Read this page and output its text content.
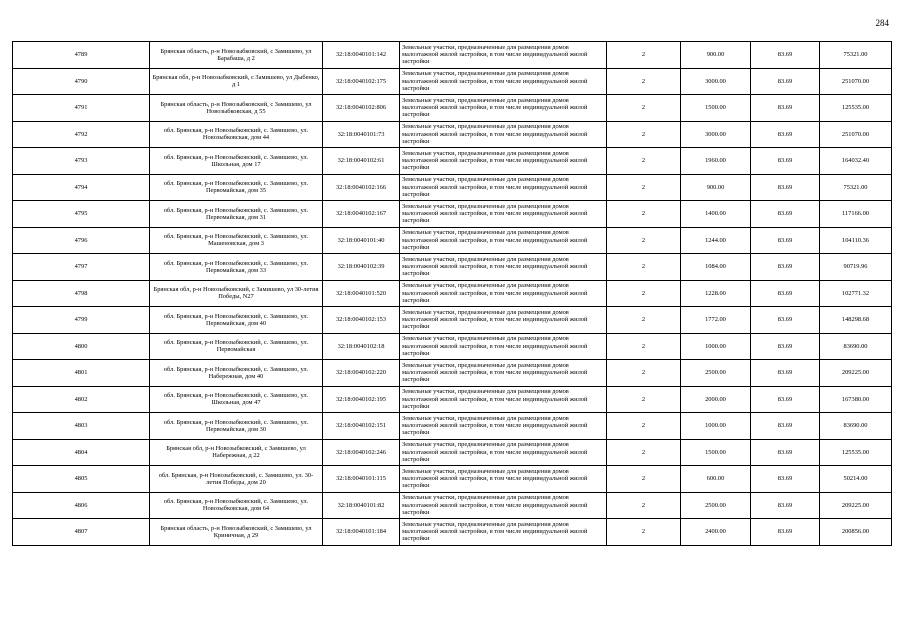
284
4789	Брянская область, р-н Новозыбковский, с Замишево, ул Барабаша, д 2	32:18:0040101:142	Земельные участки, предназначенные для размещения домов малоэтажной жилой застройки, в том числе индивидуальной жилой застройки	2	900.00	83.69	75321.00
4790	Брянская обл, р-н Новозыбковский, с Замишево, ул Дыбенко, д 1	32:18:0040102:175	Земельные участки, предназначенные для размещения домов малоэтажной жилой застройки, в том числе индивидуальной жилой застройки	2	3000.00	83.69	251070.00
4791	Брянская область, р-н Новозыбковский, с Замишево, ул Новозыбковская, д 55	32:18:0040102:806	Земельные участки, предназначенные для размещения домов малоэтажной жилой застройки, в том числе индивидуальной жилой застройки	2	1500.00	83.69	125535.00
4792	обл. Брянская, р-н Новозыбковский, с. Замишево, ул. Новозыбковская, дом 44	32:18:0040101:73	Земельные участки, предназначенные для размещения домов малоэтажной жилой застройки, в том числе индивидуальной жилой застройки	2	3000.00	83.69	251070.00
4793	обл. Брянская, р-н Новозыбковский, с. Замишево, ул. Школьная, дом 17	32:18:0040102:61	Земельные участки, предназначенные для размещения домов малоэтажной жилой застройки, в том числе индивидуальной жилой застройки	2	1960.00	83.69	164032.40
4794	обл. Брянская, р-н Новозыбковский, с. Замишево, ул. Первомайская, дом 35	32:18:0040102:166	Земельные участки, предназначенные для размещения домов малоэтажной жилой застройки, в том числе индивидуальной жилой застройки	2	900.00	83.69	75321.00
4795	обл. Брянская, р-н Новозыбковский, с. Замишево, ул. Первомайская, дом 31	32:18:0040102:167	Земельные участки, предназначенные для размещения домов малоэтажной жилой застройки, в том числе индивидуальной жилой застройки	2	1400.00	83.69	117166.00
4796	обл. Брянская, р-н Новозыбковский, с. Замишево, ул. Машеновская, дом 3	32:18:0040101:40	Земельные участки, предназначенные для размещения домов малоэтажной жилой застройки, в том числе индивидуальной жилой застройки	2	1244.00	83.69	104110.36
4797	обл. Брянская, р-н Новозыбковский, с. Замишево, ул. Первомайская, дом 33	32:18:0040102:39	Земельные участки, предназначенные для размещения домов малоэтажной жилой застройки, в том числе индивидуальной жилой застройки	2	1084.00	83.69	90719.96
4798	Брянская обл, р-н Новозыбковский, с Замишево, ул 30-летия Победы, N27	32:18:0040101:520	Земельные участки, предназначенные для размещения домов малоэтажной жилой застройки, в том числе индивидуальной жилой застройки	2	1228.00	83.69	102771.32
4799	обл. Брянская, р-н Новозыбковский, с. Замишево, ул. Первомайская, дом 40	32:18:0040102:153	Земельные участки, предназначенные для размещения домов малоэтажной жилой застройки, в том числе индивидуальной жилой застройки	2	1772.00	83.69	148298.68
4800	обл. Брянская, р-н Новозыбковский, с. Замишево, ул. Первомайская	32:18:0040102:18	Земельные участки, предназначенные для размещения домов малоэтажной жилой застройки, в том числе индивидуальной жилой застройки	2	1000.00	83.69	83690.00
4801	обл. Брянская, р-н Новозыбковский, с. Замишево, ул. Набережная, дом 40	32:18:0040102:220	Земельные участки, предназначенные для размещения домов малоэтажной жилой застройки, в том числе индивидуальной жилой застройки	2	2500.00	83.69	209225.00
4802	обл. Брянская, р-н Новозыбковский, с. Замишево, ул. Школьная, дом 47	32:18:0040102:195	Земельные участки, предназначенные для размещения домов малоэтажной жилой застройки, в том числе индивидуальной жилой застройки	2	2000.00	83.69	167380.00
4803	обл. Брянская, р-н Новозыбковский, с. Замишево, ул. Первомайская, дом 30	32:18:0040102:151	Земельные участки, предназначенные для размещения домов малоэтажной жилой застройки, в том числе индивидуальной жилой застройки	2	1000.00	83.69	83690.00
4804	Брянская обл, р-н Новозыбковский, с Замишево, ул Набережная, д 22	32:18:0040102:246	Земельные участки, предназначенные для размещения домов малоэтажной жилой застройки, в том числе индивидуальной жилой застройки	2	1500.00	83.69	125535.00
4805	обл. Брянская, р-н Новозыбковский, с. Замишево, ул. 30-летия Победы, дом 20	32:18:0040101:115	Земельные участки, предназначенные для размещения домов малоэтажной жилой застройки, в том числе индивидуальной жилой застройки	2	600.00	83.69	50214.00
4806	обл. Брянская, р-н Новозыбковский, с. Замишево, ул. Новозыбковская, дом 64	32:18:0040101:82	Земельные участки, предназначенные для размещения домов малоэтажной жилой застройки, в том числе индивидуальной жилой застройки	2	2500.00	83.69	209225.00
4807	Брянская область, р-н Новозыбковский, с Замишево, ул Криничная, д 29	32:18:0040101:184	Земельные участки, предназначенные для размещения домов малоэтажной жилой застройки, в том числе индивидуальной жилой застройки	2	2400.00	83.69	200856.00
